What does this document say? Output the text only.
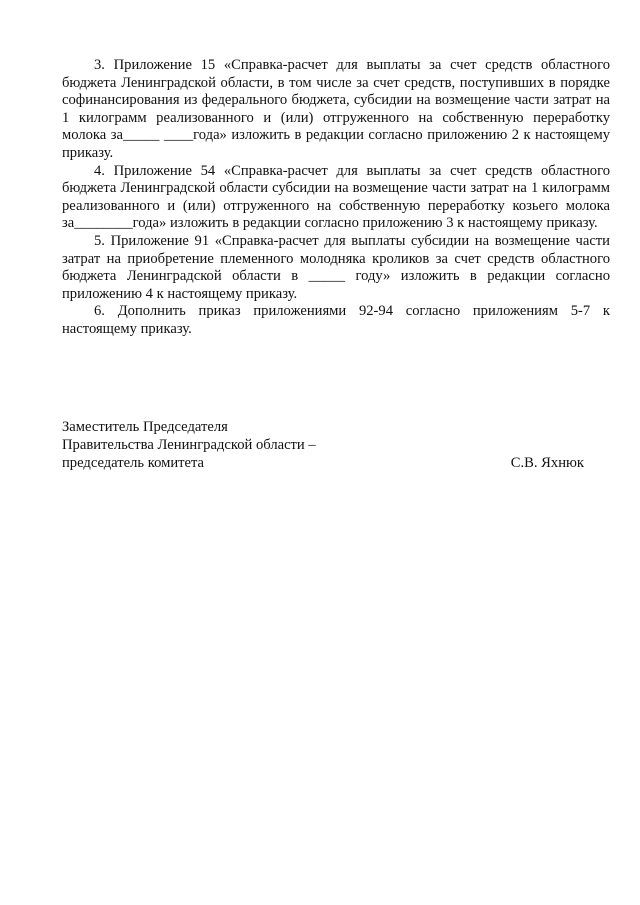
3. Приложение 15 «Справка-расчет для выплаты за счет средств областного бюджета Ленинградской области, в том числе за счет средств, поступивших в порядке софинансирования из федерального бюджета, субсидии на возмещение части затрат на 1 килограмм реализованного и (или) отгруженного на собственную переработку молока за_____ ____года» изложить в редакции согласно приложению 2 к настоящему приказу.

4. Приложение 54 «Справка-расчет для выплаты за счет средств областного бюджета Ленинградской области субсидии на возмещение части затрат на 1 килограмм реализованного и (или) отгруженного на собственную переработку козьего молока за________года» изложить в редакции согласно приложению 3 к настоящему приказу.

5. Приложение 91 «Справка-расчет для выплаты субсидии на возмещение части затрат на приобретение племенного молодняка кроликов за счет средств областного бюджета Ленинградской области в _____ году» изложить в редакции согласно приложению 4 к настоящему приказу.

6. Дополнить приказ приложениями 92-94 согласно приложениям 5-7 к настоящему приказу.

Заместитель Председателя
Правительства Ленинградской области –
председатель комитета	С.В. Яхнюк
